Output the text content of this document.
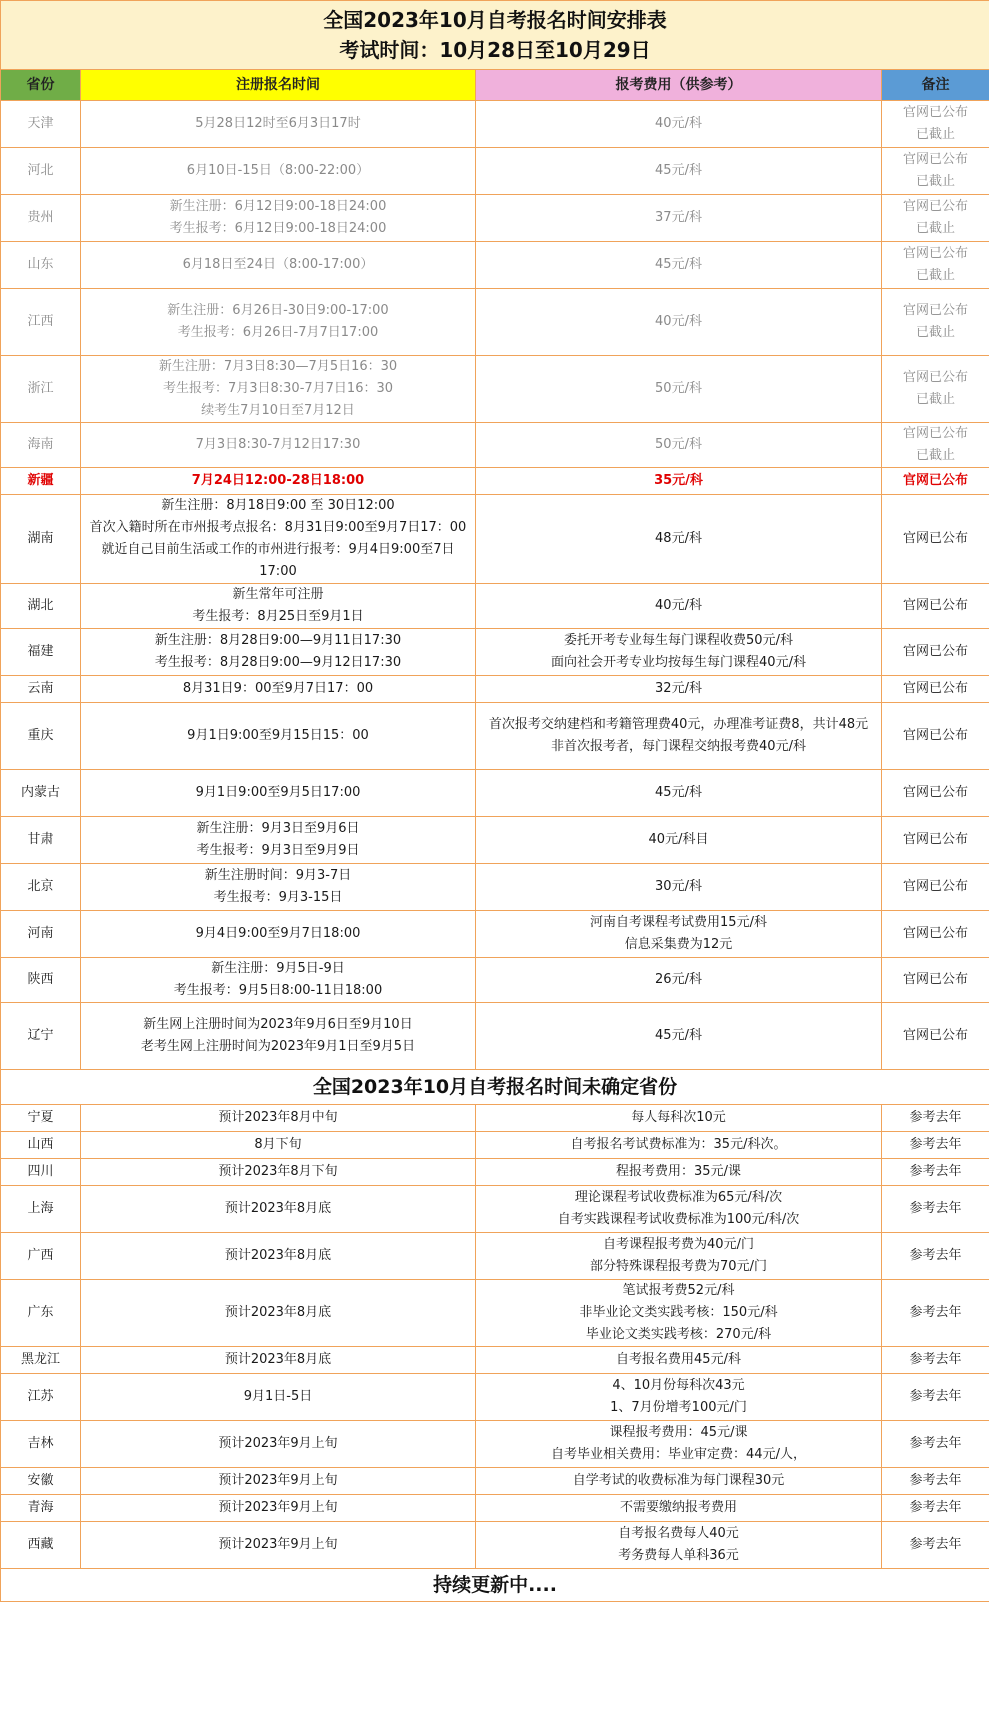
全国2023年10月自考报名时间安排表
考试时间：10月28日至10月29日			

省份	注册报名时间	报考费用（供参考）	备注
天津	5月28日12时至6月3日17时	40元/科	官网已公布
已截止

河北	6月10日-15日（8:00-22:00）	45元/科	官网已公布
已截止

贵州	新生注册：6月12日9:00-18日24:00
考生报考：6月12日9:00-18日24:00	37元/科	官网已公布
已截止

山东	6月18日至24日（8:00-17:00）	45元/科	官网已公布
已截止

江西	新生注册：6月26日-30日9:00-17:00
考生报考：6月26日-7月7日17:00	40元/科	官网已公布
已截止

浙江	新生注册：7月3日8:30—7月5日16：30
考生报考：7月3日8:30-7月7日16：30
续考生7月10日至7月12日	50元/科	官网已公布
已截止

海南	7月3日8:30-7月12日17:30	50元/科	官网已公布
已截止

新疆	7月24日12:00-28日18:00	35元/科	官网已公布

湖南	新生注册：8月18日9:00 至 30日12:00
首次入籍时所在市州报考点报名：8月31日9:00至9月7日17：00
就近自己目前生活或工作的市州进行报考：9月4日9:00至7日17:00	48元/科	官网已公布

湖北	新生常年可注册
考生报考：8月25日至9月1日	40元/科	官网已公布

福建	新生注册：8月28日9:00—9月11日17:30
考生报考：8月28日9:00—9月12日17:30	委托开考专业每生每门课程收费50元/科
面向社会开考专业均按每生每门课程40元/科	官网已公布

云南	8月31日9：00至9月7日17：00	32元/科	官网已公布

重庆	9月1日9:00至9月15日15：00	首次报考交纳建档和考籍管理费40元，办理准考证费8，共计48元
非首次报考者，每门课程交纳报考费40元/科	官网已公布

内蒙古	9月1日9:00至9月5日17:00	45元/科	官网已公布

甘肃	新生注册：9月3日至9月6日
考生报考：9月3日至9月9日	40元/科目	官网已公布

北京	新生注册时间：9月3-7日
考生报考：9月3-15日	30元/科	官网已公布

河南	9月4日9:00至9月7日18:00	河南自考课程考试费用15元/科
信息采集费为12元	官网已公布

陕西	新生注册：9月5日-9日
考生报考：9月5日8:00-11日18:00	26元/科	官网已公布

辽宁	新生网上注册时间为2023年9月6日至9月10日
老考生网上注册时间为2023年9月1日至9月5日	45元/科	官网已公布

全国2023年10月自考报名时间未确定省份			
宁夏	预计2023年8月中旬	每人每科次10元	参考去年

山西	8月下旬	自考报名考试费标准为：35元/科次。	参考去年

四川	预计2023年8月下旬	程报考费用：35元/课	参考去年

上海	预计2023年8月底	理论课程考试收费标准为65元/科/次
自考实践课程考试收费标准为100元/科/次	参考去年

广西	预计2023年8月底	自考课程报考费为40元/门
部分特殊课程报考费为70元/门	参考去年

广东	预计2023年8月底	笔试报考费52元/科
非毕业论文类实践考核：150元/科
毕业论文类实践考核：270元/科	参考去年

黑龙江	预计2023年8月底	自考报名费用45元/科	参考去年

江苏	9月1日-5日	4、10月份每科次43元
1、7月份增考100元/门	参考去年

吉林	预计2023年9月上旬	课程报考费用：45元/课
自考毕业相关费用：毕业审定费：44元/人，	参考去年

安徽	预计2023年9月上旬	自学考试的收费标准为每门课程30元	参考去年

青海	预计2023年9月上旬	不需要缴纳报考费用	参考去年

西藏	预计2023年9月上旬	自考报名费每人40元
考务费每人单科36元	参考去年

持续更新中....			
